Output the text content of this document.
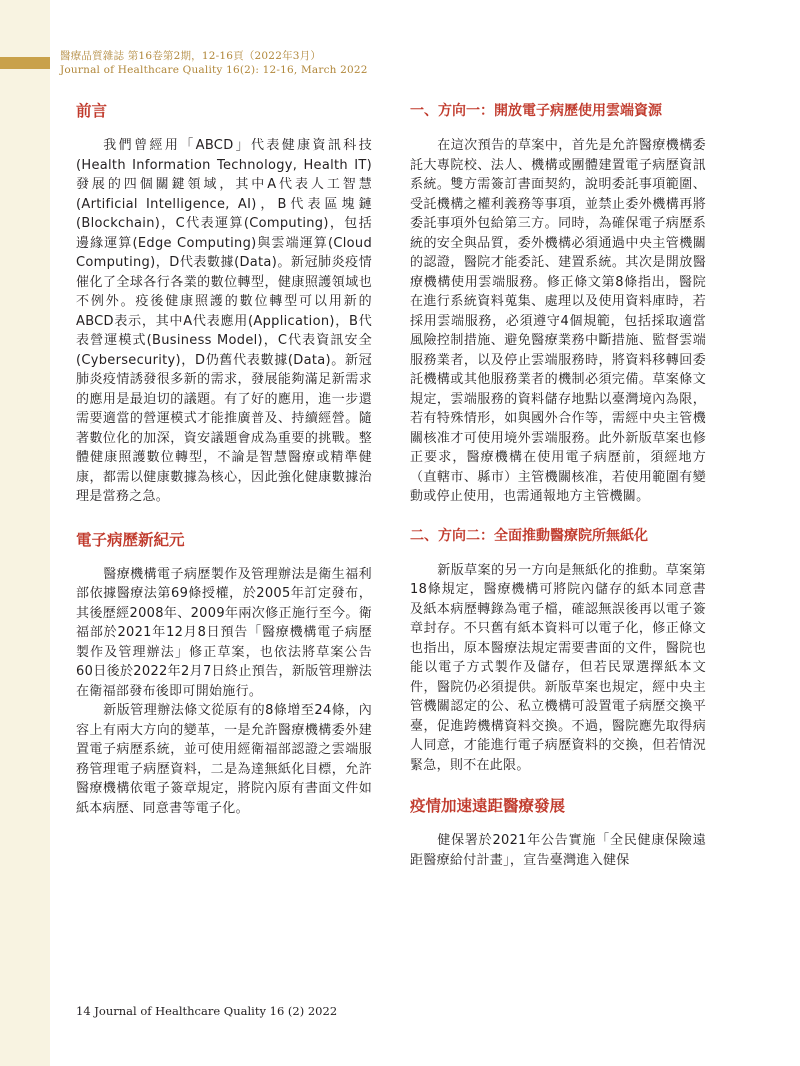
醫療品質雜誌 第16卷第2期，12-16頁（2022年3月）
Journal of Healthcare Quality 16(2): 12-16, March 2022
前言

我們曾經用「ABCD」代表健康資訊科技(Health Information Technology, Health IT)發展的四個關鍵領域，其中A代表人工智慧(Artificial Intelligence, AI)，B代表區塊鏈(Blockchain)，C代表運算(Computing)，包括邊緣運算(Edge Computing)與雲端運算(Cloud Computing)，D代表數據(Data)。新冠肺炎疫情催化了全球各行各業的數位轉型，健康照護領域也不例外。疫後健康照護的數位轉型可以用新的ABCD表示，其中A代表應用(Application)，B代表營運模式(Business Model)，C代表資訊安全(Cybersecurity)，D仍舊代表數據(Data)。新冠肺炎疫情誘發很多新的需求，發展能夠滿足新需求的應用是最迫切的議題。有了好的應用，進一步還需要適當的營運模式才能推廣普及、持續經營。隨著數位化的加深，資安議題會成為重要的挑戰。整體健康照護數位轉型，不論是智慧醫療或精準健康，都需以健康數據為核心，因此強化健康數據治理是當務之急。

電子病歷新紀元

醫療機構電子病歷製作及管理辦法是衛生福利部依據醫療法第69條授權，於2005年訂定發布，其後歷經2008年、2009年兩次修正施行至今。衛福部於2021年12月8日預告「醫療機構電子病歷製作及管理辦法」修正草案，也依法將草案公告60日後於2022年2月7日終止預告，新版管理辦法在衛福部發布後即可開始施行。

新版管理辦法條文從原有的8條增至24條，內容上有兩大方向的變革，一是允許醫療機構委外建置電子病歷系統，並可使用經衛福部認證之雲端服務管理電子病歷資料，二是為達無紙化目標，允許醫療機構依電子簽章規定，將院內原有書面文件如紙本病歷、同意書等電子化。

一、方向一：開放電子病歷使用雲端資源

在這次預告的草案中，首先是允許醫療機構委託大專院校、法人、機構或團體建置電子病歷資訊系統。雙方需簽訂書面契約，說明委託事項範圍、受託機構之權利義務等事項，並禁止委外機構再將委託事項外包給第三方。同時，為確保電子病歷系統的安全與品質，委外機構必須通過中央主管機關的認證，醫院才能委託、建置系統。其次是開放醫療機構使用雲端服務。修正條文第8條指出，醫院在進行系統資料蒐集、處理以及使用資料庫時，若採用雲端服務，必須遵守4個規範，包括採取適當風險控制措施、避免醫療業務中斷措施、監督雲端服務業者，以及停止雲端服務時，將資料移轉回委託機構或其他服務業者的機制必須完備。草案條文規定，雲端服務的資料儲存地點以臺灣境內為限，若有特殊情形，如與國外合作等，需經中央主管機關核准才可使用境外雲端服務。此外新版草案也修正要求，醫療機構在使用電子病歷前，須經地方（直轄市、縣市）主管機關核准，若使用範圍有變動或停止使用，也需通報地方主管機關。

二、方向二：全面推動醫療院所無紙化

新版草案的另一方向是無紙化的推動。草案第18條規定，醫療機構可將院內儲存的紙本同意書及紙本病歷轉錄為電子檔，確認無誤後再以電子簽章封存。不只舊有紙本資料可以電子化，修正條文也指出，原本醫療法規定需要書面的文件，醫院也能以電子方式製作及儲存，但若民眾選擇紙本文件，醫院仍必須提供。新版草案也規定，經中央主管機關認定的公、私立機構可設置電子病歷交換平臺，促進跨機構資料交換。不過，醫院應先取得病人同意，才能進行電子病歷資料的交換，但若情況緊急，則不在此限。

疫情加速遠距醫療發展

健保署於2021年公告實施「全民健康保險遠距醫療給付計畫」，宣告臺灣進入健保

14 Journal of Healthcare Quality 16 (2) 2022
